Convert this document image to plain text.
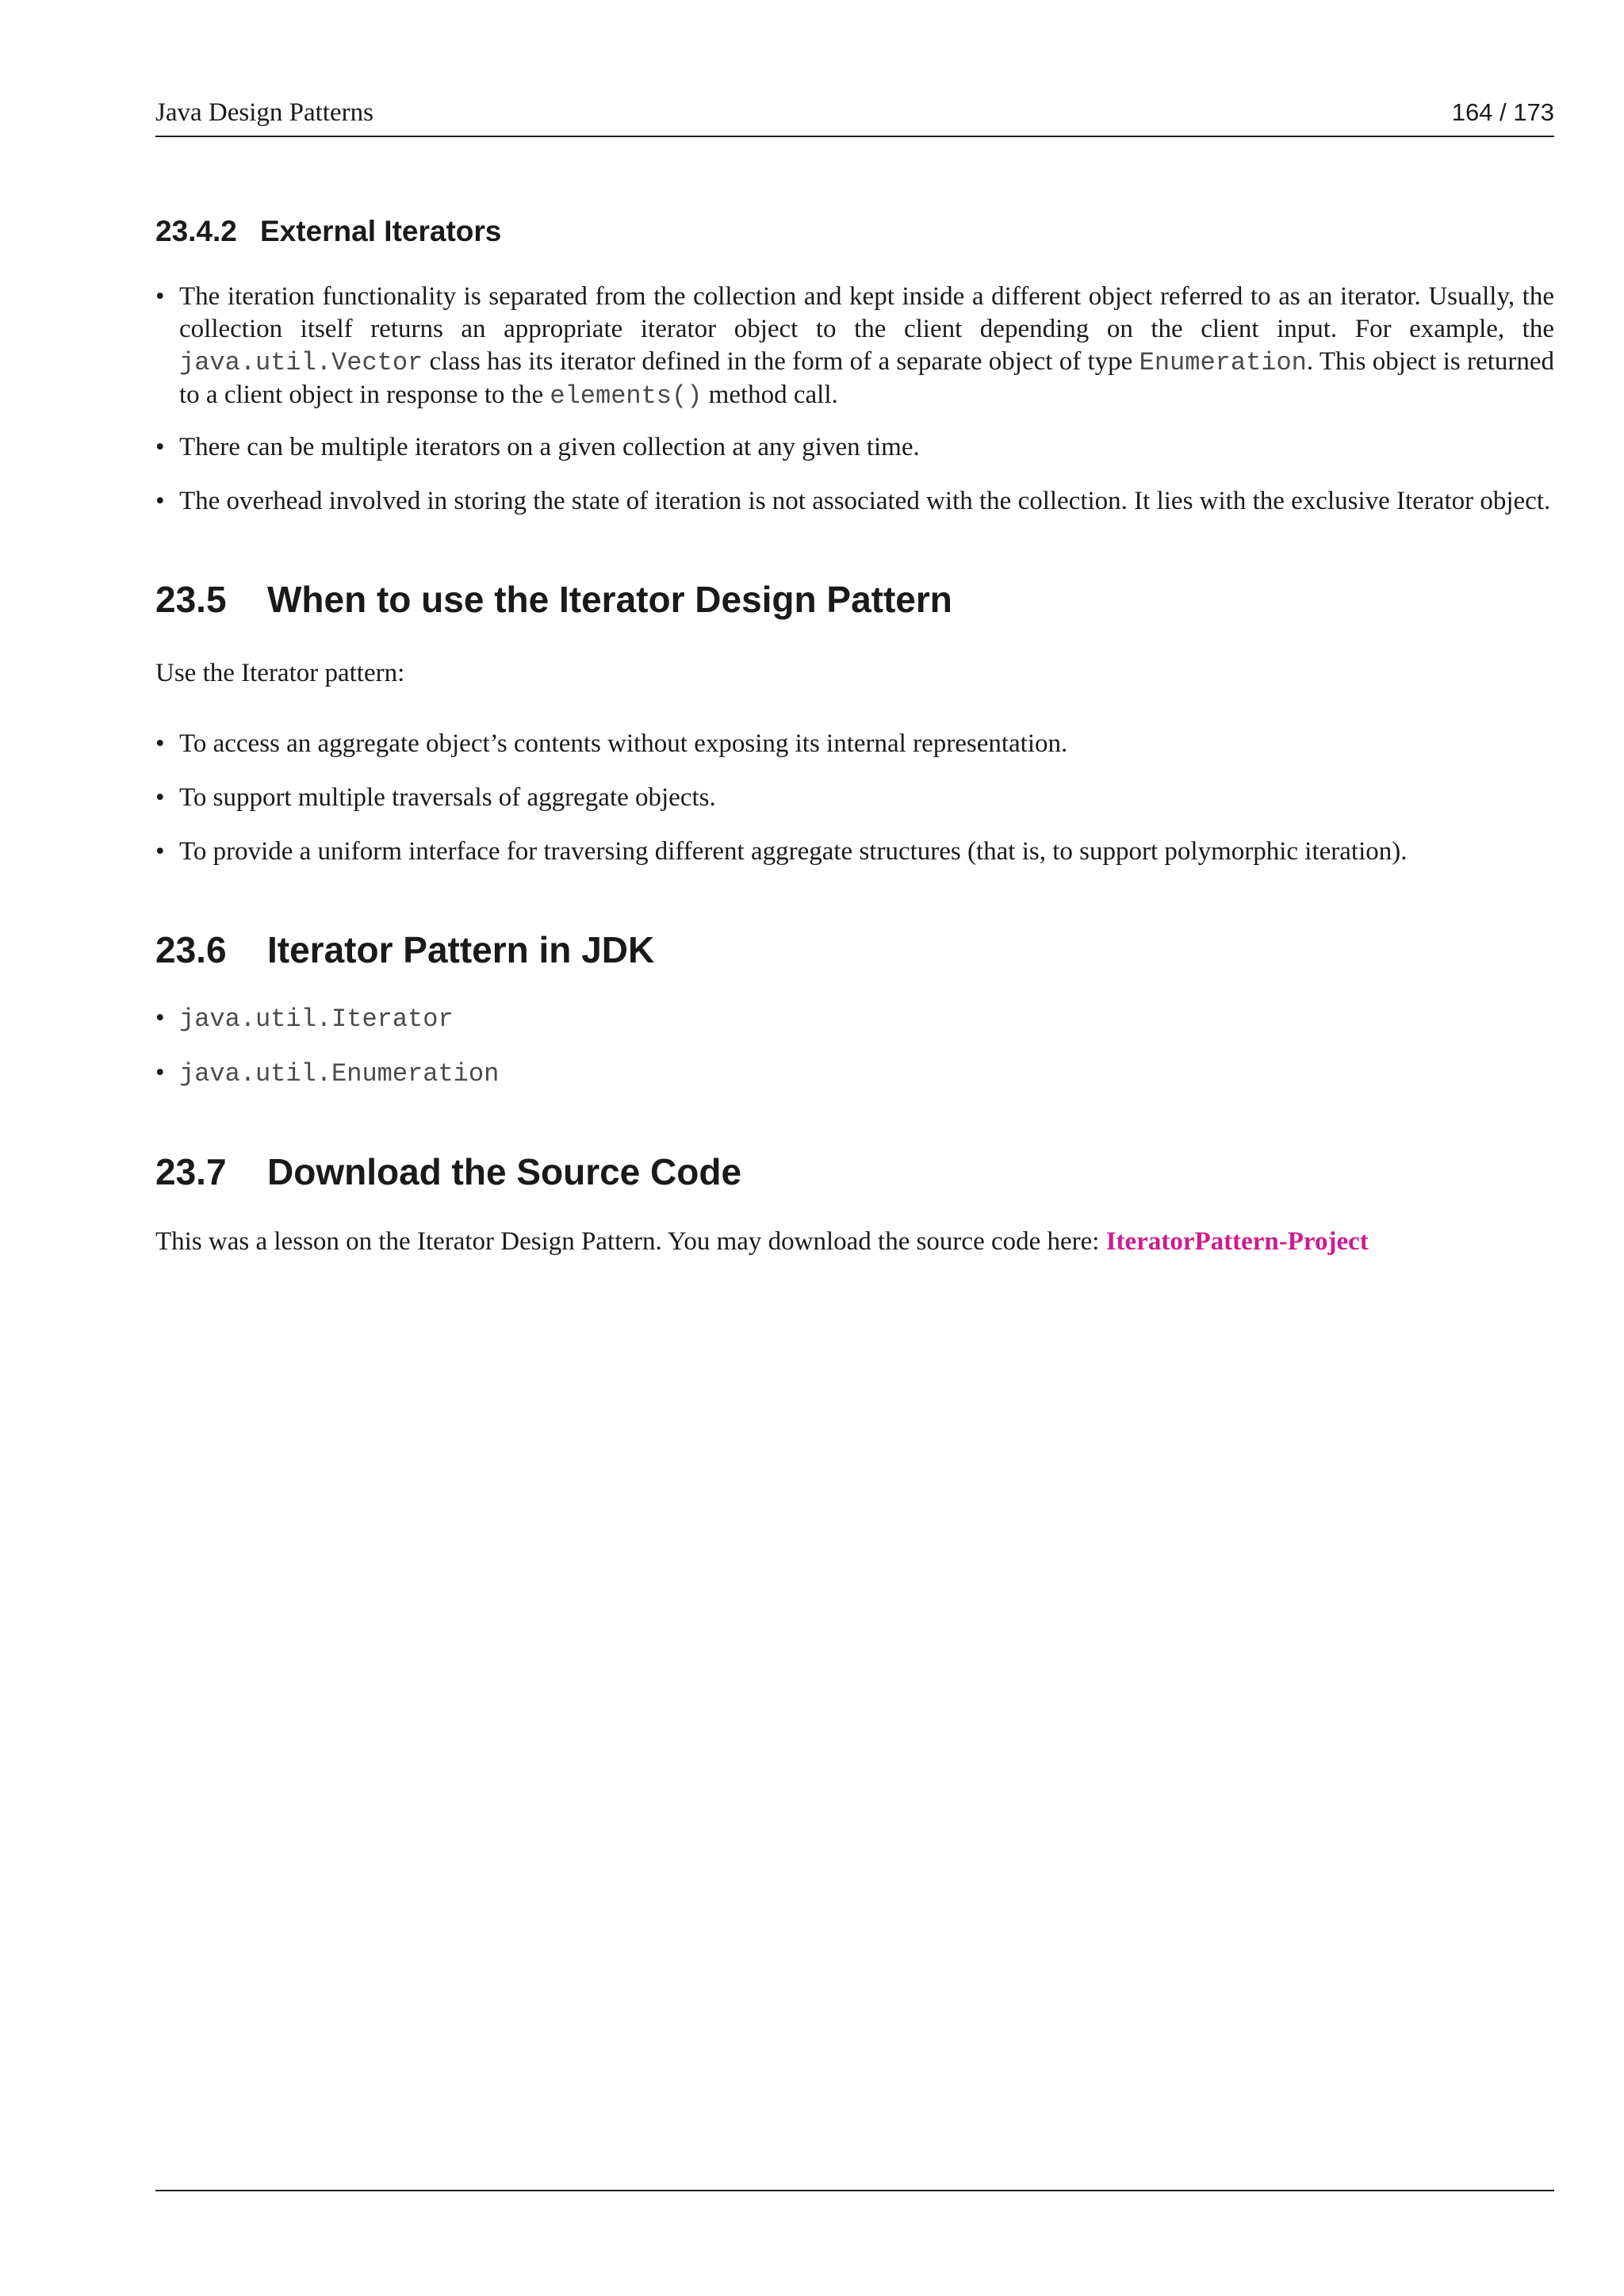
Java Design Patterns	164 / 173
23.4.2 External Iterators
• The iteration functionality is separated from the collection and kept inside a different object referred to as an iterator. Usually, the collection itself returns an appropriate iterator object to the client depending on the client input. For example, the java.util.Vector class has its iterator defined in the form of a separate object of type Enumeration. This object is returned to a client object in response to the elements() method call.
• There can be multiple iterators on a given collection at any given time.
• The overhead involved in storing the state of iteration is not associated with the collection. It lies with the exclusive Iterator object.
23.5 When to use the Iterator Design Pattern

Use the Iterator pattern:

• To access an aggregate object’s contents without exposing its internal representation.
• To support multiple traversals of aggregate objects.
• To provide a uniform interface for traversing different aggregate structures (that is, to support polymorphic iteration).
23.6 Iterator Pattern in JDK
• java.util.Iterator
• java.util.Enumeration
23.7 Download the Source Code

This was a lesson on the Iterator Design Pattern. You may download the source code here: IteratorPattern-Project
